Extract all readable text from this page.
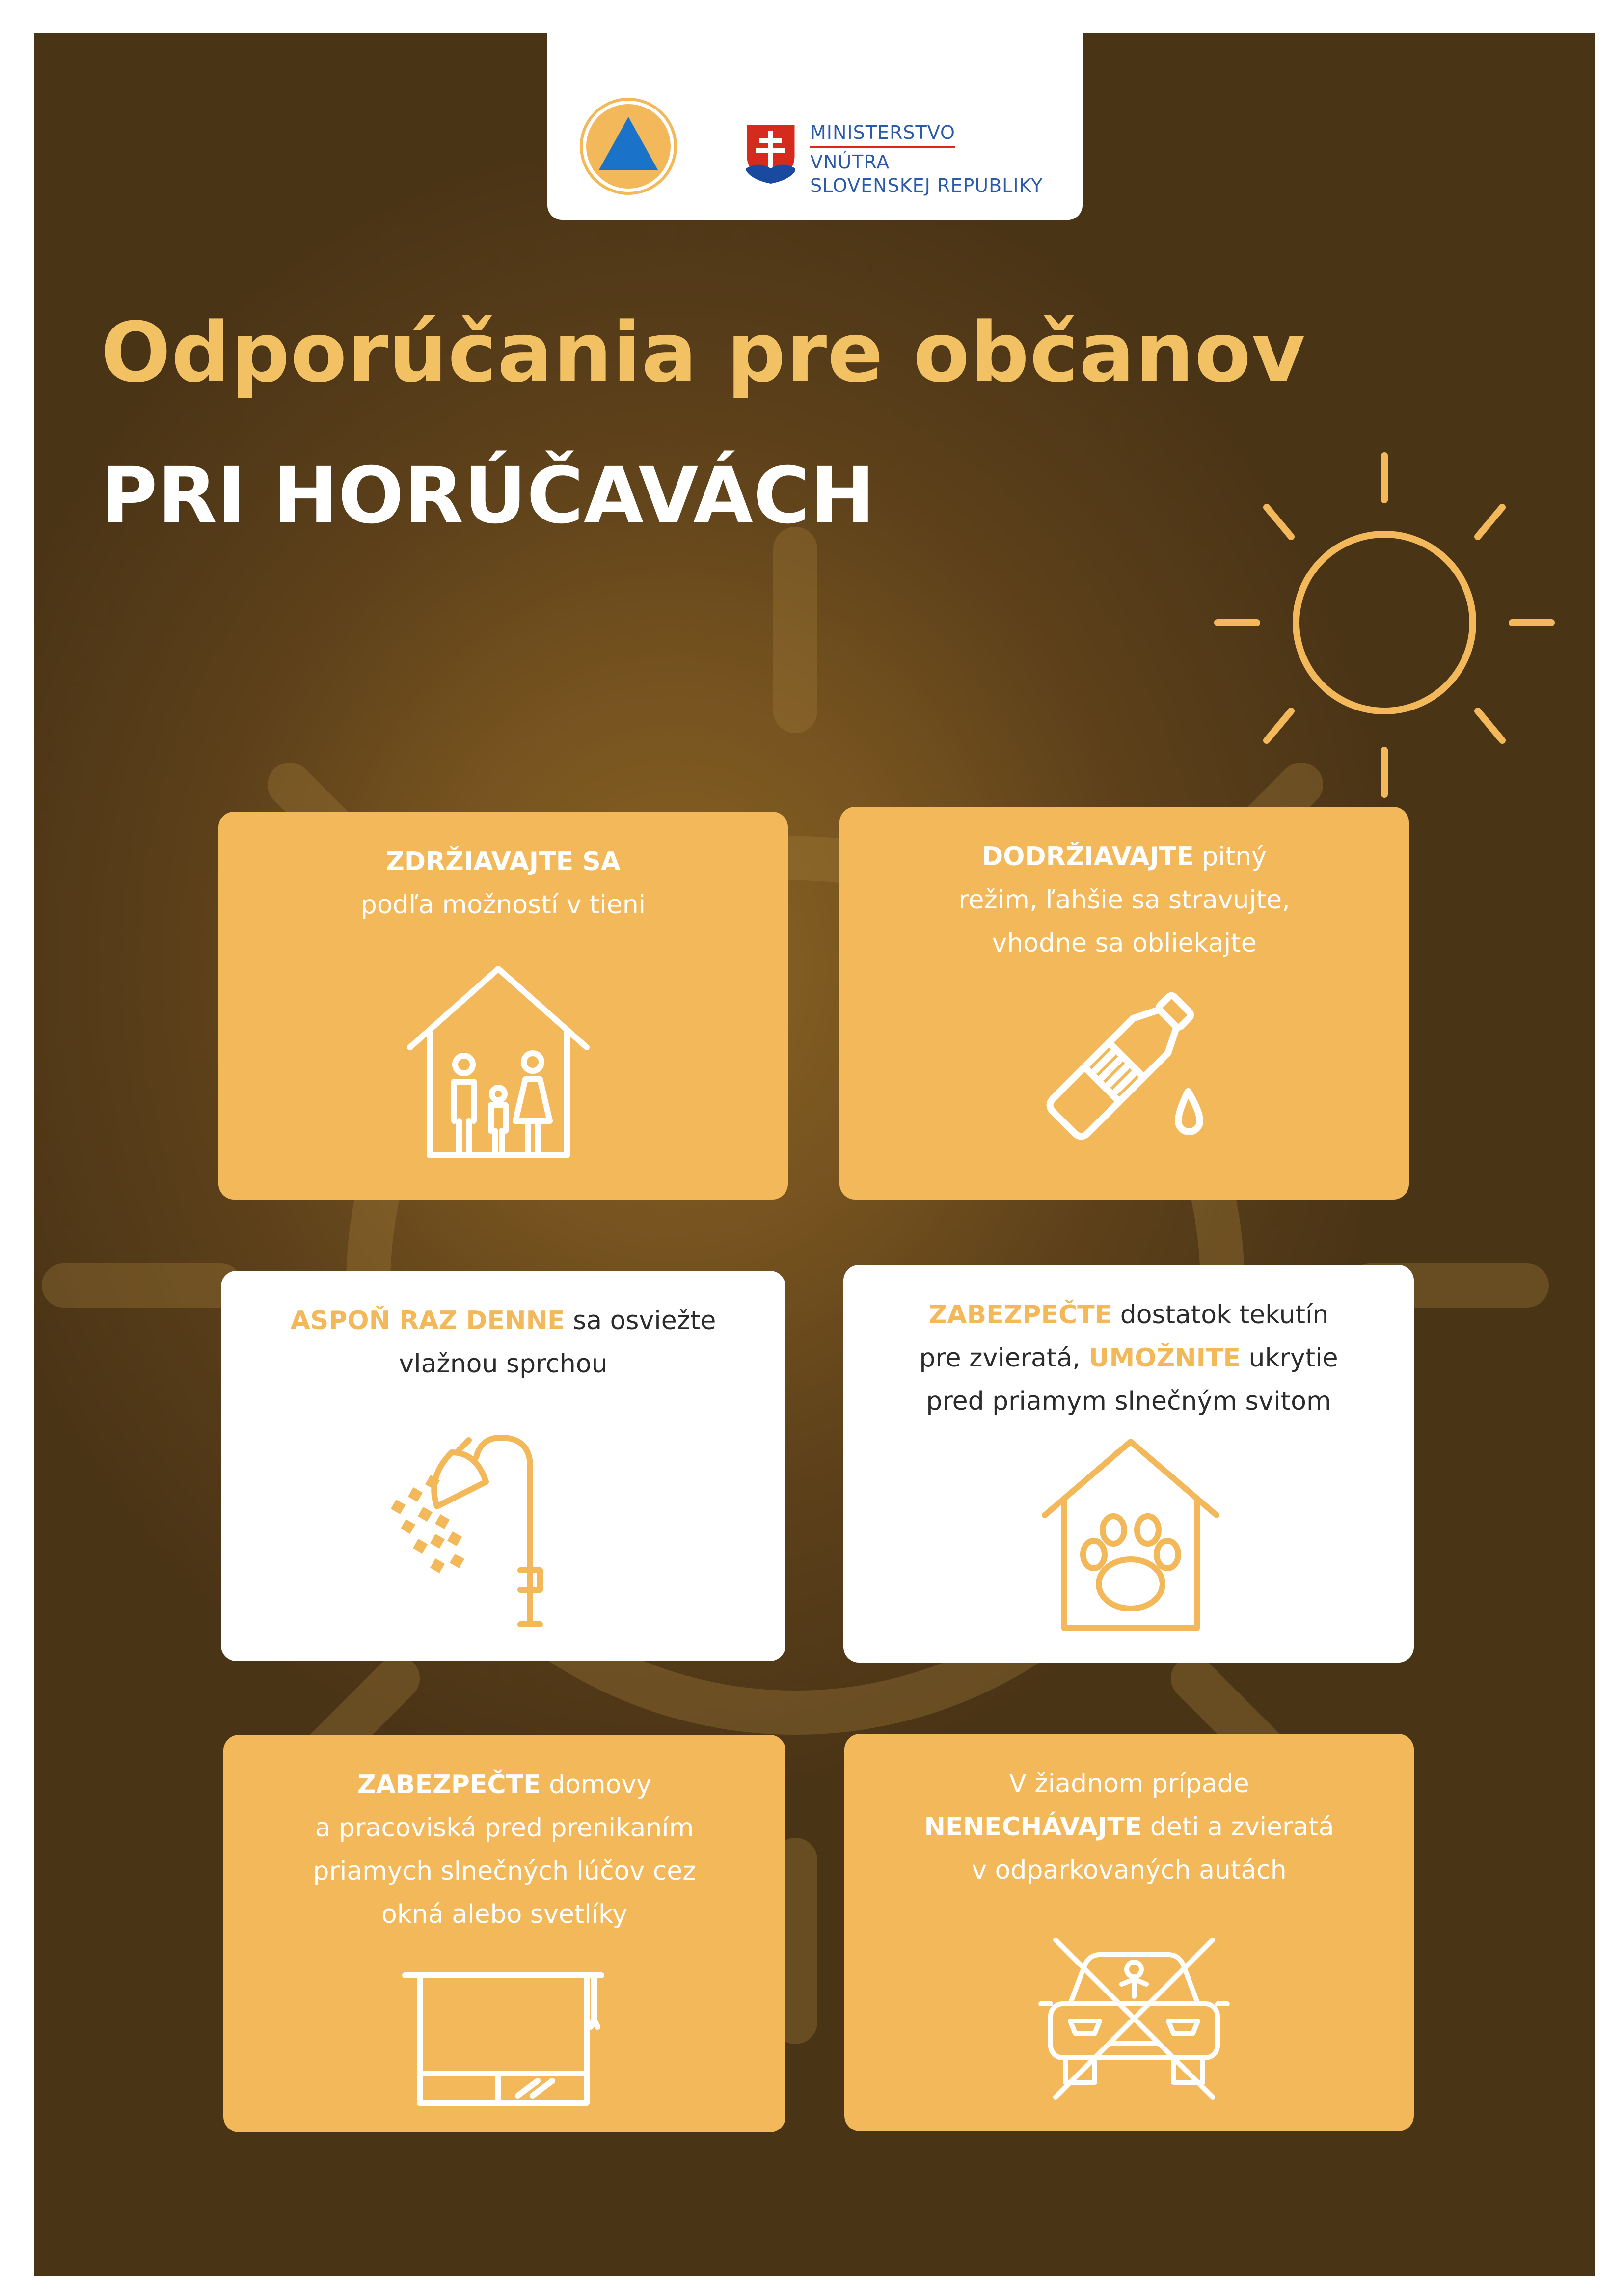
MINISTERSTVO
VNÚTRA
SLOVENSKEJ REPUBLIKY
Odporúčania pre občanov
PRI HORÚČAVÁCH
ZDRŽIAVAJTE SA
podľa možností v tieni
DODRŽIAVAJTE pitný
režim, ľahšie sa stravujte,
vhodne sa obliekajte
ASPOŇ RAZ DENNE sa osviežte
vlažnou sprchou
ZABEZPEČTE dostatok tekutín
pre zvieratá, UMOŽNITE ukrytie
pred priamym slnečným svitom
ZABEZPEČTE domovy
a pracoviská pred prenikaním
priamych slnečných lúčov cez
okná alebo svetlíky
V žiadnom prípade
NENECHÁVAJTE deti a zvieratá
v odparkovaných autách
